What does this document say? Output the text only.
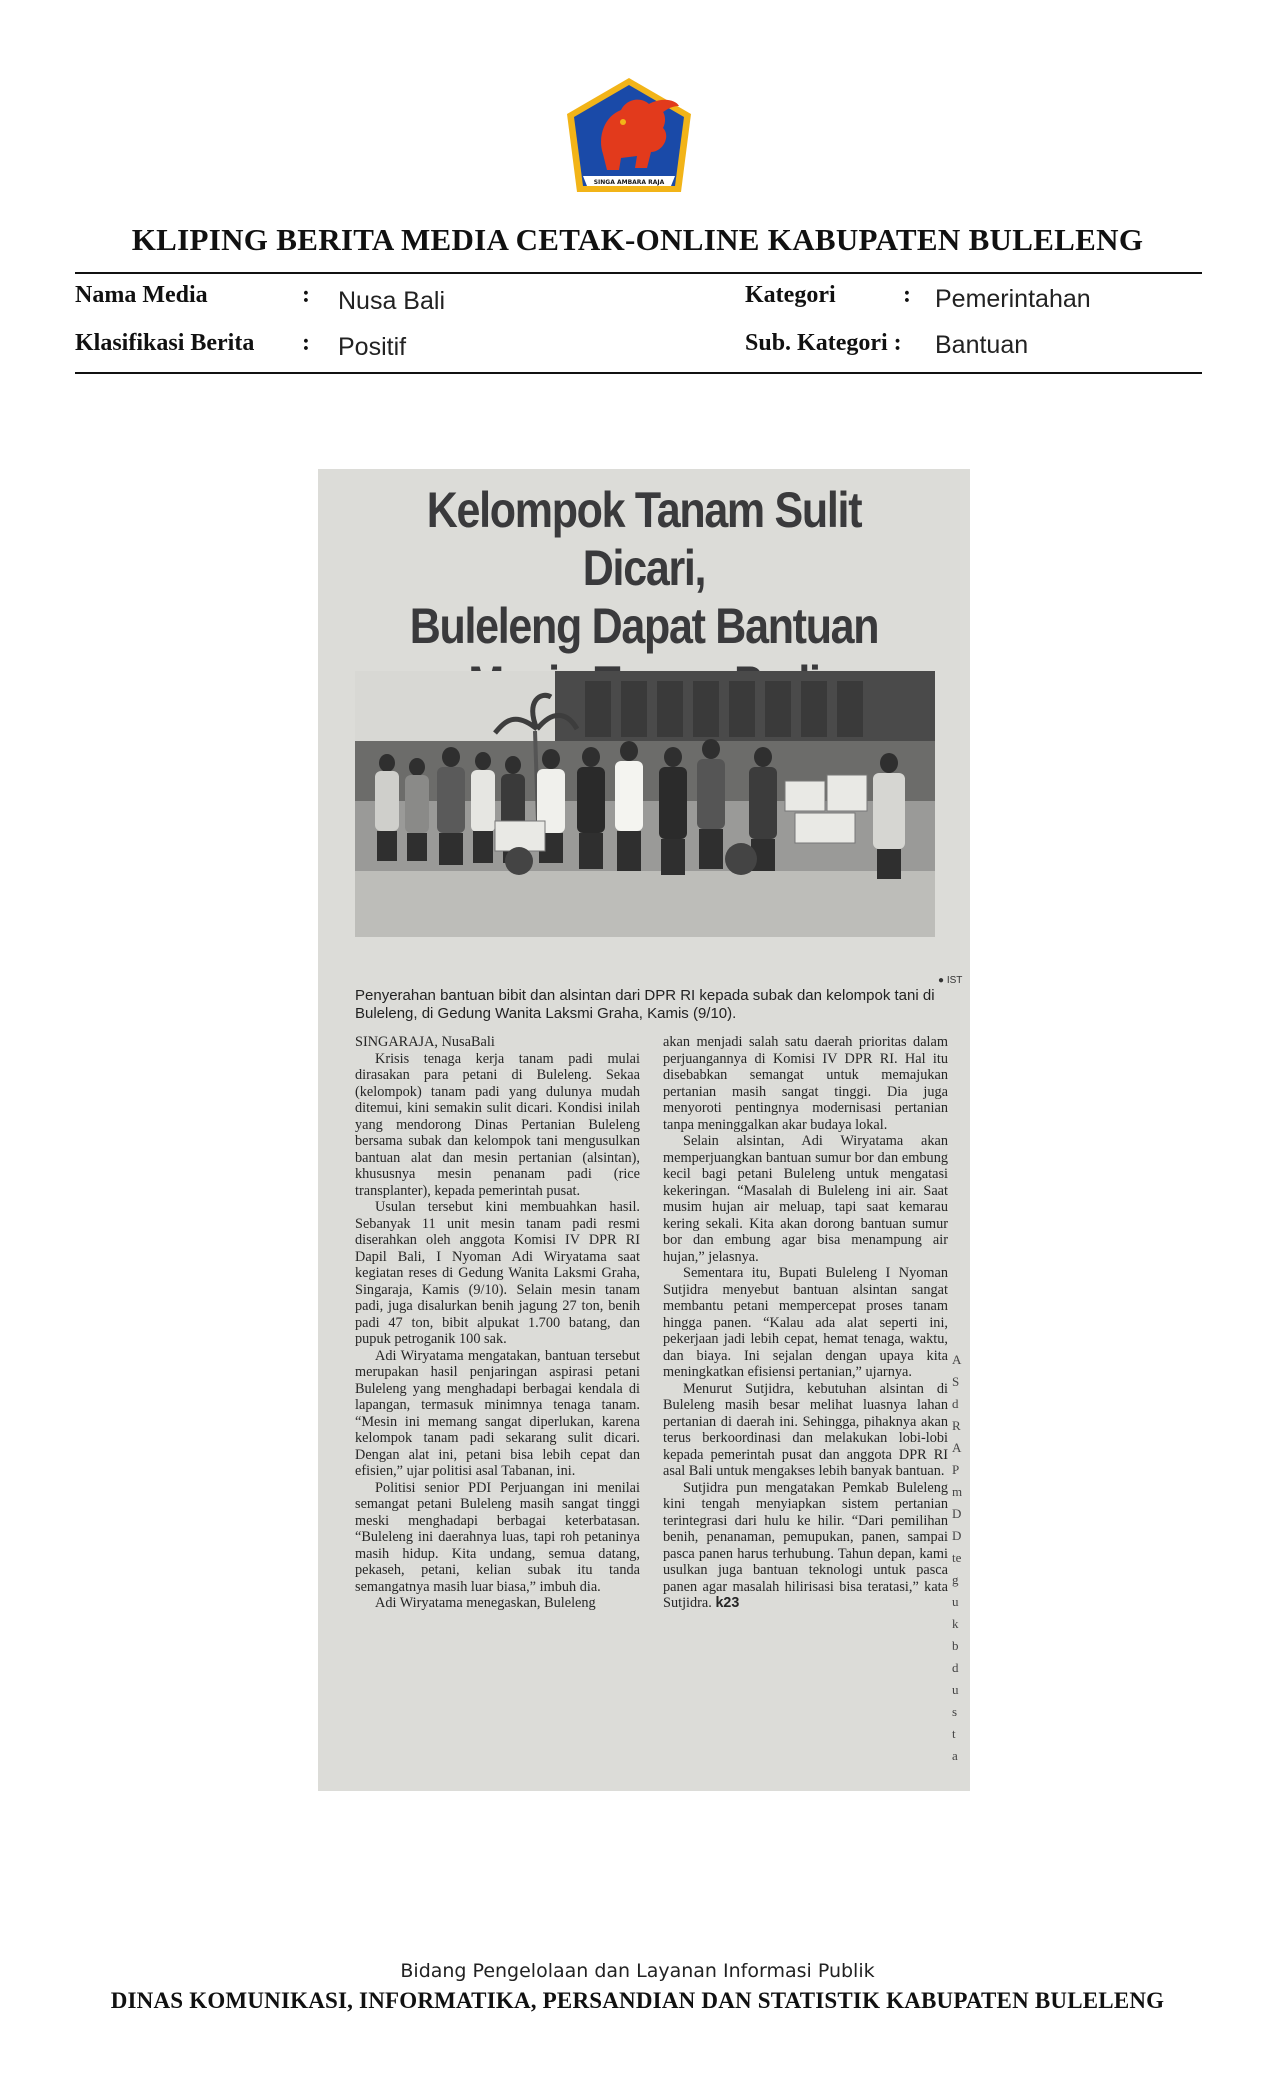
SINGA AMBARA RAJA
KLIPING BERITA MEDIA CETAK-ONLINE KABUPATEN BULELENG
Nama Media	: Nusa Bali
Klasifikasi Berita : Positif
Kategori	: Pemerintahan
Sub. Kategori : Bantuan
Kelompok Tanam Sulit Dicari,
Buleleng Dapat Bantuan
● IST
Penyerahan bantuan bibit dan alsintan dari DPR RI kepada subak dan kelompok tani di Buleleng, di Gedung Wanita Laksmi Graha, Kamis (9/10).

SINGARAJA, NusaBali

Krisis tenaga kerja tanam padi mulai dirasakan para petani di Buleleng. Sekaa (kelompok) tanam padi yang dulunya mudah ditemui, kini semakin sulit dicari. Kondisi inilah yang mendorong Dinas Pertanian Buleleng bersama subak dan kelompok tani mengusulkan bantuan alat dan mesin pertanian (alsintan), khususnya mesin penanam padi (rice transplanter), kepada pemerintah pusat.

Usulan tersebut kini membuahkan hasil. Sebanyak 11 unit mesin tanam padi resmi diserahkan oleh anggota Komisi IV DPR RI Dapil Bali, I Nyoman Adi Wiryatama saat kegiatan reses di Gedung Wanita Laksmi Graha, Singaraja, Kamis (9/10). Selain mesin tanam padi, juga disalurkan benih jagung 27 ton, benih padi 47 ton, bibit alpukat 1.700 batang, dan pupuk petroganik 100 sak.

Adi Wiryatama mengatakan, bantuan tersebut merupakan hasil penjaringan aspirasi petani Buleleng yang menghadapi berbagai kendala di lapangan, termasuk minimnya tenaga tanam. “Mesin ini memang sangat diperlukan, karena kelompok tanam padi sekarang sulit dicari. Dengan alat ini, petani bisa lebih cepat dan efisien,” ujar politisi asal Tabanan, ini.

Politisi senior PDI Perjuangan ini menilai semangat petani Buleleng masih sangat tinggi meski menghadapi berbagai keterbatasan. “Buleleng ini daerahnya luas, tapi roh petaninya masih hidup. Kita undang, semua datang, pekaseh, petani, kelian subak itu tanda semangatnya masih luar biasa,” imbuh dia.

Adi Wiryatama menegaskan, Buleleng

akan menjadi salah satu daerah prioritas dalam perjuangannya di Komisi IV DPR RI. Hal itu disebabkan semangat untuk memajukan pertanian masih sangat tinggi. Dia juga menyoroti pentingnya modernisasi pertanian tanpa meninggalkan akar budaya lokal.

Selain alsintan, Adi Wiryatama akan memperjuangkan bantuan sumur bor dan embung kecil bagi petani Buleleng untuk mengatasi kekeringan. “Masalah di Buleleng ini air. Saat musim hujan air meluap, tapi saat kemarau kering sekali. Kita akan dorong bantuan sumur bor dan embung agar bisa menampung air hujan,” jelasnya.

Sementara itu, Bupati Buleleng I Nyoman Sutjidra menyebut bantuan alsintan sangat membantu petani mempercepat proses tanam hingga panen. “Kalau ada alat seperti ini, pekerjaan jadi lebih cepat, hemat tenaga, waktu, dan biaya. Ini sejalan dengan upaya kita meningkatkan efisiensi pertanian,” ujarnya.

Menurut Sutjidra, kebutuhan alsintan di Buleleng masih besar melihat luasnya lahan pertanian di daerah ini. Sehingga, pihaknya akan terus berkoordinasi dan melakukan lobi-lobi kepada pemerintah pusat dan anggota DPR RI asal Bali untuk mengakses lebih banyak bantuan.

Sutjidra pun mengatakan Pemkab Buleleng kini tengah menyiapkan sistem pertanian terintegrasi dari hulu ke hilir. “Dari pemilihan benih, penanaman, pemupukan, panen, sampai pasca panen harus terhubung. Tahun depan, kami usulkan juga bantuan teknologi untuk pasca panen agar masalah hilirisasi bisa teratasi,” kata Sutjidra. k23

A
S
d
R
A
P
m
D
D
te
g
u
k
b
d
u
s
t
a
Bidang Pengelolaan dan Layanan Informasi Publik
DINAS KOMUNIKASI, INFORMATIKA, PERSANDIAN DAN STATISTIK KABUPATEN BULELENG
